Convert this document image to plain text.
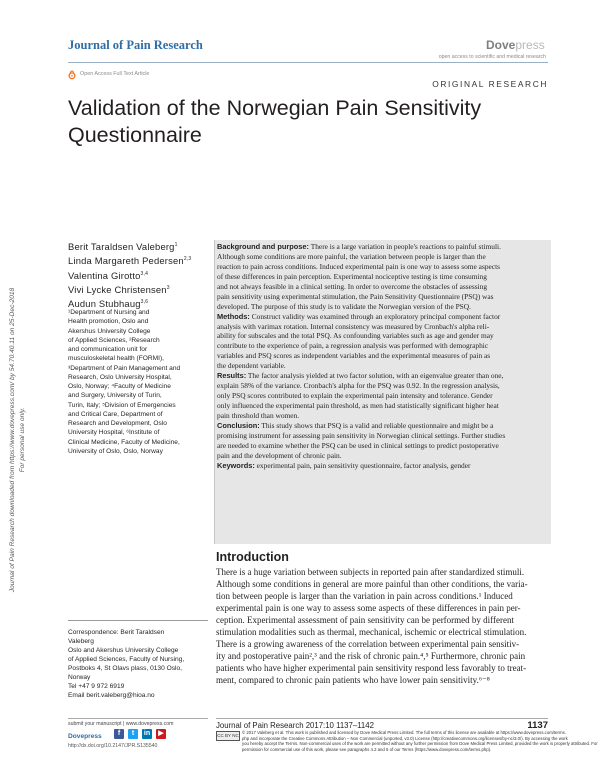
Journal of Pain Research	Dovepress
open access to scientific and medical research
Open Access Full Text Article
ORIGINAL RESEARCH
Validation of the Norwegian Pain Sensitivity
Questionnaire
Journal of Pain Research downloaded from https://www.dovepress.com/ by 54.70.40.11 on 25-Dec-2018 For personal use only.
Berit Taraldsen Valeberg$^1$
Linda Margareth Pedersen$^{2,3}$
Valentina Girotto$^{3,4}$
Vivi Lycke Christensen$^3$
Audun Stubhaug$^{3,6}$
¹Department of Nursing and
Health promotion, Oslo and
Akershus University College
of Applied Sciences, ²Research
and communication unit for
musculoskeletal health (FORMI),
³Department of Pain Management and
Research, Oslo University Hospital,
Oslo, Norway; ⁴Faculty of Medicine
and Surgery, University of Turin,
Turin, Italy; ⁵Division of Emergencies
and Critical Care, Department of
Research and Development, Oslo
University Hospital, ⁶Institute of
Clinical Medicine, Faculty of Medicine,
University of Oslo, Oslo, Norway
Background and purpose: There is a large variation in people's reactions to painful stimuli.
Although some conditions are more painful, the variation between people is larger than the
reaction to pain across conditions. Induced experimental pain is one way to assess some aspects
of these differences in pain perception. Experimental nociceptive testing is time consuming
and not always feasible in a clinical setting. In order to overcome the obstacles of assessing
pain sensitivity using experimental stimulation, the Pain Sensitivity Questionnaire (PSQ) was
developed. The purpose of this study is to validate the Norwegian version of the PSQ.
Methods: Construct validity was examined through an exploratory principal component factor
analysis with varimax rotation. Internal consistency was measured by Cronbach's alpha reli-
ability for subscales and the total PSQ. As confounding variables such as age and gender may
contribute to the experience of pain, a regression analysis was performed with demographic
variables and PSQ scores as independent variables and the experimental measures of pain as
the dependent variable.
Results: The factor analysis yielded at two factor solution, with an eigenvalue greater than one,
explain 58% of the variance. Cronbach's alpha for the PSQ was 0.92. In the regression analysis,
only PSQ scores contributed to explain the experimental pain intensity and tolerance. Gender
only influenced the experimental pain threshold, as men had statistically significant higher heat
pain threshold than women.
Conclusion: This study shows that PSQ is a valid and reliable questionnaire and might be a
promising instrument for assessing pain sensitivity in Norwegian clinical settings. Further studies
are needed to examine whether the PSQ can be used in clinical settings to predict postoperative
pain and the development of chronic pain.
Keywords: experimental pain, pain sensitivity questionnaire, factor analysis, gender
Introduction
There is a huge variation between subjects in reported pain after standardized stimuli.
Although some conditions in general are more painful than other conditions, the varia-
tion between people is larger than the variation in pain across conditions.¹ Induced
experimental pain is one way to assess some aspects of these differences in pain per-
ception. Experimental assessment of pain sensitivity can be performed by different
stimulation modalities such as thermal, mechanical, ischemic or electrical stimulation.
There is a growing awareness of the correlation between experimental pain sensitiv-
ity and postoperative pain²,³ and the risk of chronic pain.⁴,⁵ Furthermore, chronic pain
patients who have higher experimental pain sensitivity respond less favorably to treat-
ment, compared to chronic pain patients who have lower pain sensitivity.⁶⁻⁸
Correspondence: Berit Taraldsen
Valeberg
Oslo and Akershus University College
of Applied Sciences, Faculty of Nursing,
Postboks 4, St Olavs plass, 0130 Oslo,
Norway
Tel +47 9 972 6919
Email berit.valeberg@hioa.no
submit your manuscript | www.dovepress.com
Dovepress	f	t	in	▶
http://dx.doi.org/10.2147/JPR.S135540
Journal of Pain Research 2017:10 1137–1142	1137
CC BY NC
© 2017 Valeberg et al. This work is published and licensed by Dove Medical Press Limited. The full terms of this license are available at https://www.dovepress.com/terms.
php and incorporate the Creative Commons Attribution – Non Commercial (unported, v3.0) License (http://creativecommons.org/licenses/by-nc/3.0/). By accessing the work
you hereby accept the Terms. Non-commercial uses of the work are permitted without any further permission from Dove Medical Press Limited, provided the work is properly attributed. For
permission for commercial use of this work, please see paragraphs 4.2 and 5 of our Terms (https://www.dovepress.com/terms.php).
